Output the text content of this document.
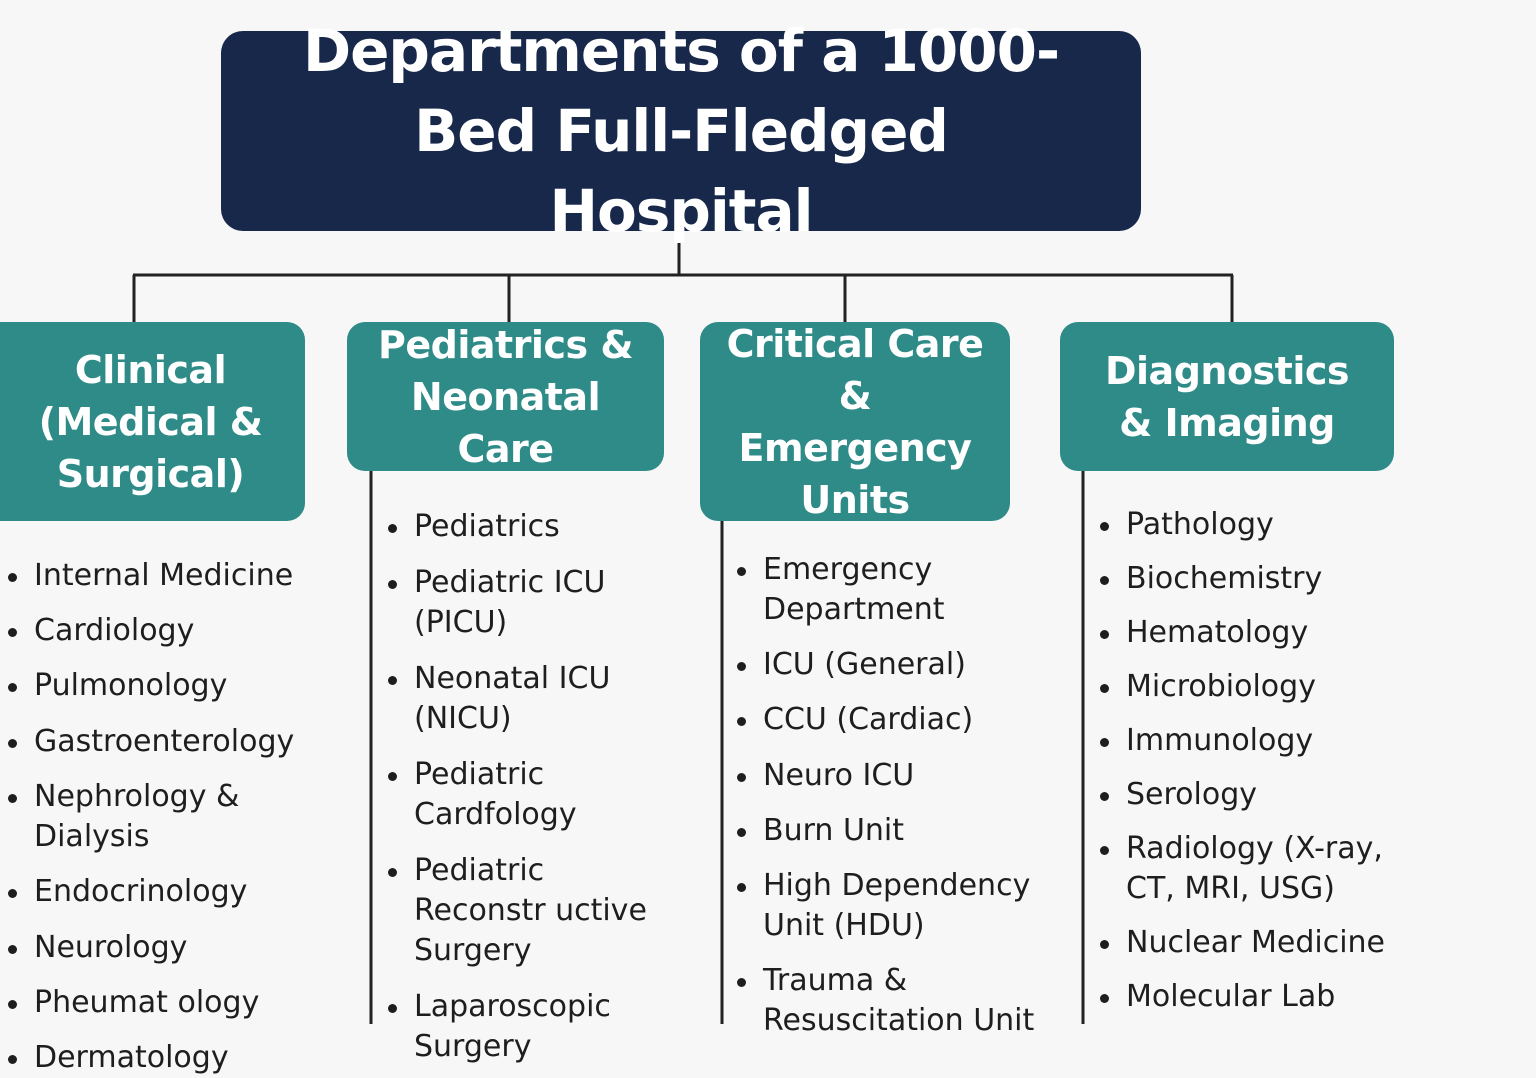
Departments of a 1000-Bed Full-Fledged Hospital
Clinical (Medical & Surgical)
Pediatrics & Neonatal Care
Critical Care & Emergency Units
Diagnostics & Imaging
Internal Medicine
Cardiology
Pulmonology
Gastroenterology
Nephrology & Dialysis
Endocrinology
Neurology
Pheumat ology
Dermatology
Pediatrics
Pediatric ICU (PICU)
Neonatal ICU (NICU)
Pediatric Cardfology
Pediatric Reconstr uctive Surgery
Laparoscopic Surgery
Emergency Department
ICU (General)
CCU (Cardiac)
Neuro ICU
Burn Unit
High Dependency Unit (HDU)
Trauma & Resuscitation Unit
Pathology
Biochemistry
Hematology
Microbiology
Immunology
Serology
Radiology (X-ray, CT, MRI, USG)
Nuclear Medicine
Molecular Lab
